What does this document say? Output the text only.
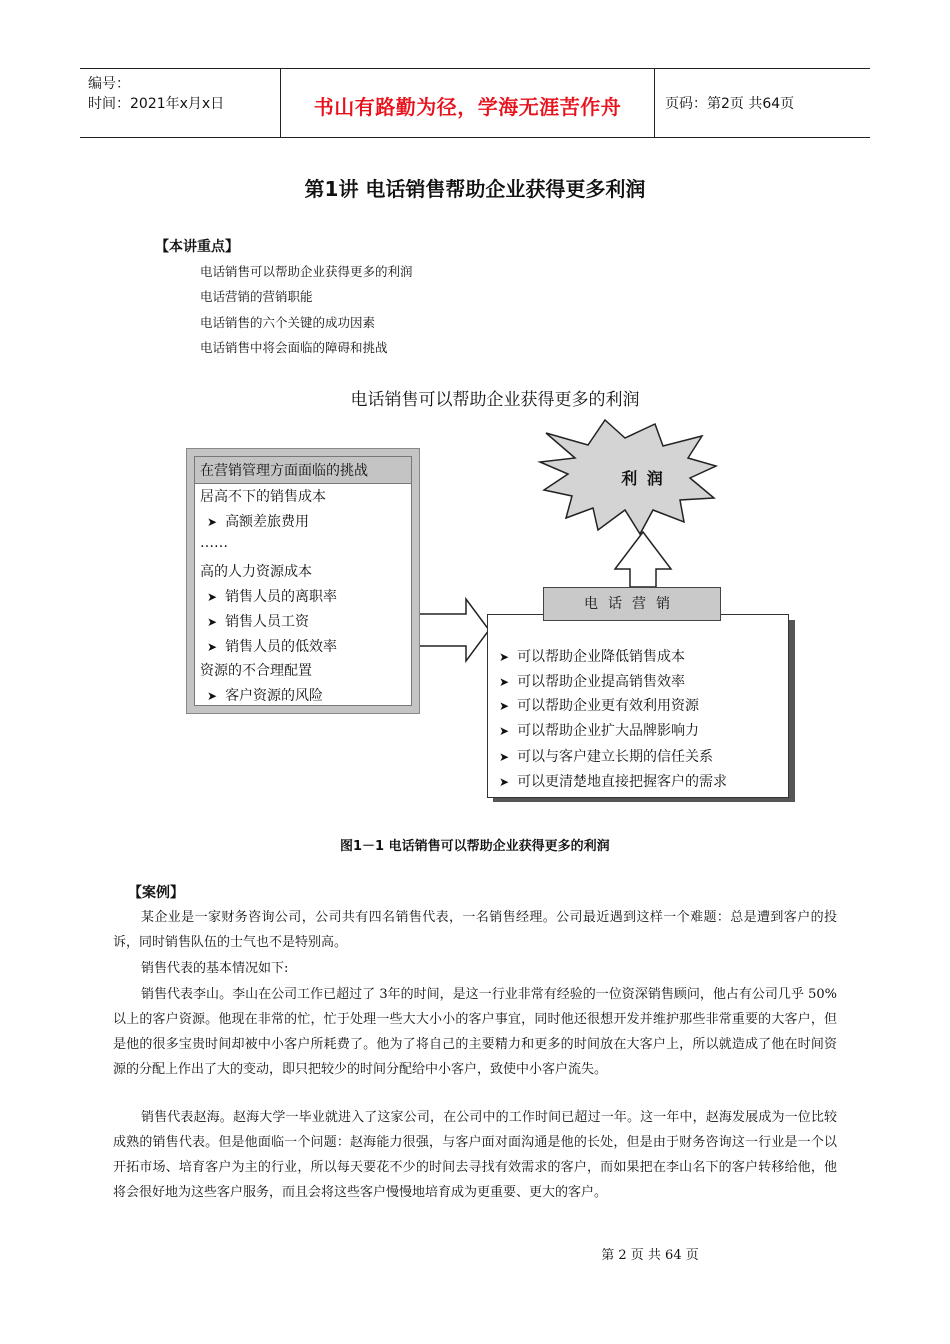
编号：
时间：2021年x月x日	书山有路勤为径，学海无涯苦作舟	页码：第2页 共64页
第1讲 电话销售帮助企业获得更多利润
【本讲重点】
电话销售可以帮助企业获得更多的利润
电话营销的营销职能
电话销售的六个关键的成功因素
电话销售中将会面临的障碍和挑战
电话销售可以帮助企业获得更多的利润
利 润
在营销管理方面面临的挑战
居高不下的销售成本
➤ 高额差旅费用
……
高的人力资源成本
➤ 销售人员的离职率
➤ 销售人员工资
➤ 销售人员的低效率
资源的不合理配置
➤ 客户资源的风险
电话营销
➤ 可以帮助企业降低销售成本
➤ 可以帮助企业提高销售效率
➤ 可以帮助企业更有效利用资源
➤ 可以帮助企业扩大品牌影响力
➤ 可以与客户建立长期的信任关系
➤ 可以更清楚地直接把握客户的需求
图1－1 电话销售可以帮助企业获得更多的利润
【案例】

某企业是一家财务咨询公司，公司共有四名销售代表，一名销售经理。公司最近遇到这样一个难题：总是遭到客户的投诉，同时销售队伍的士气也不是特别高。

销售代表的基本情况如下:

销售代表李山。李山在公司工作已超过了 3年的时间，是这一行业非常有经验的一位资深销售顾问，他占有公司几乎 50%以上的客户资源。他现在非常的忙，忙于处理一些大大小小的客户事宜，同时他还很想开发并维护那些非常重要的大客户，但是他的很多宝贵时间却被中小客户所耗费了。他为了将自己的主要精力和更多的时间放在大客户上，所以就造成了他在时间资源的分配上作出了大的变动，即只把较少的时间分配给中小客户，致使中小客户流失。

销售代表赵海。赵海大学一毕业就进入了这家公司，在公司中的工作时间已超过一年。这一年中，赵海发展成为一位比较成熟的销售代表。但是他面临一个问题：赵海能力很强，与客户面对面沟通是他的长处，但是由于财务咨询这一行业是一个以开拓市场、培育客户为主的行业，所以每天要花不少的时间去寻找有效需求的客户，而如果把在李山名下的客户转移给他，他将会很好地为这些客户服务，而且会将这些客户慢慢地培育成为更重要、更大的客户。

第 2 页 共 64 页
